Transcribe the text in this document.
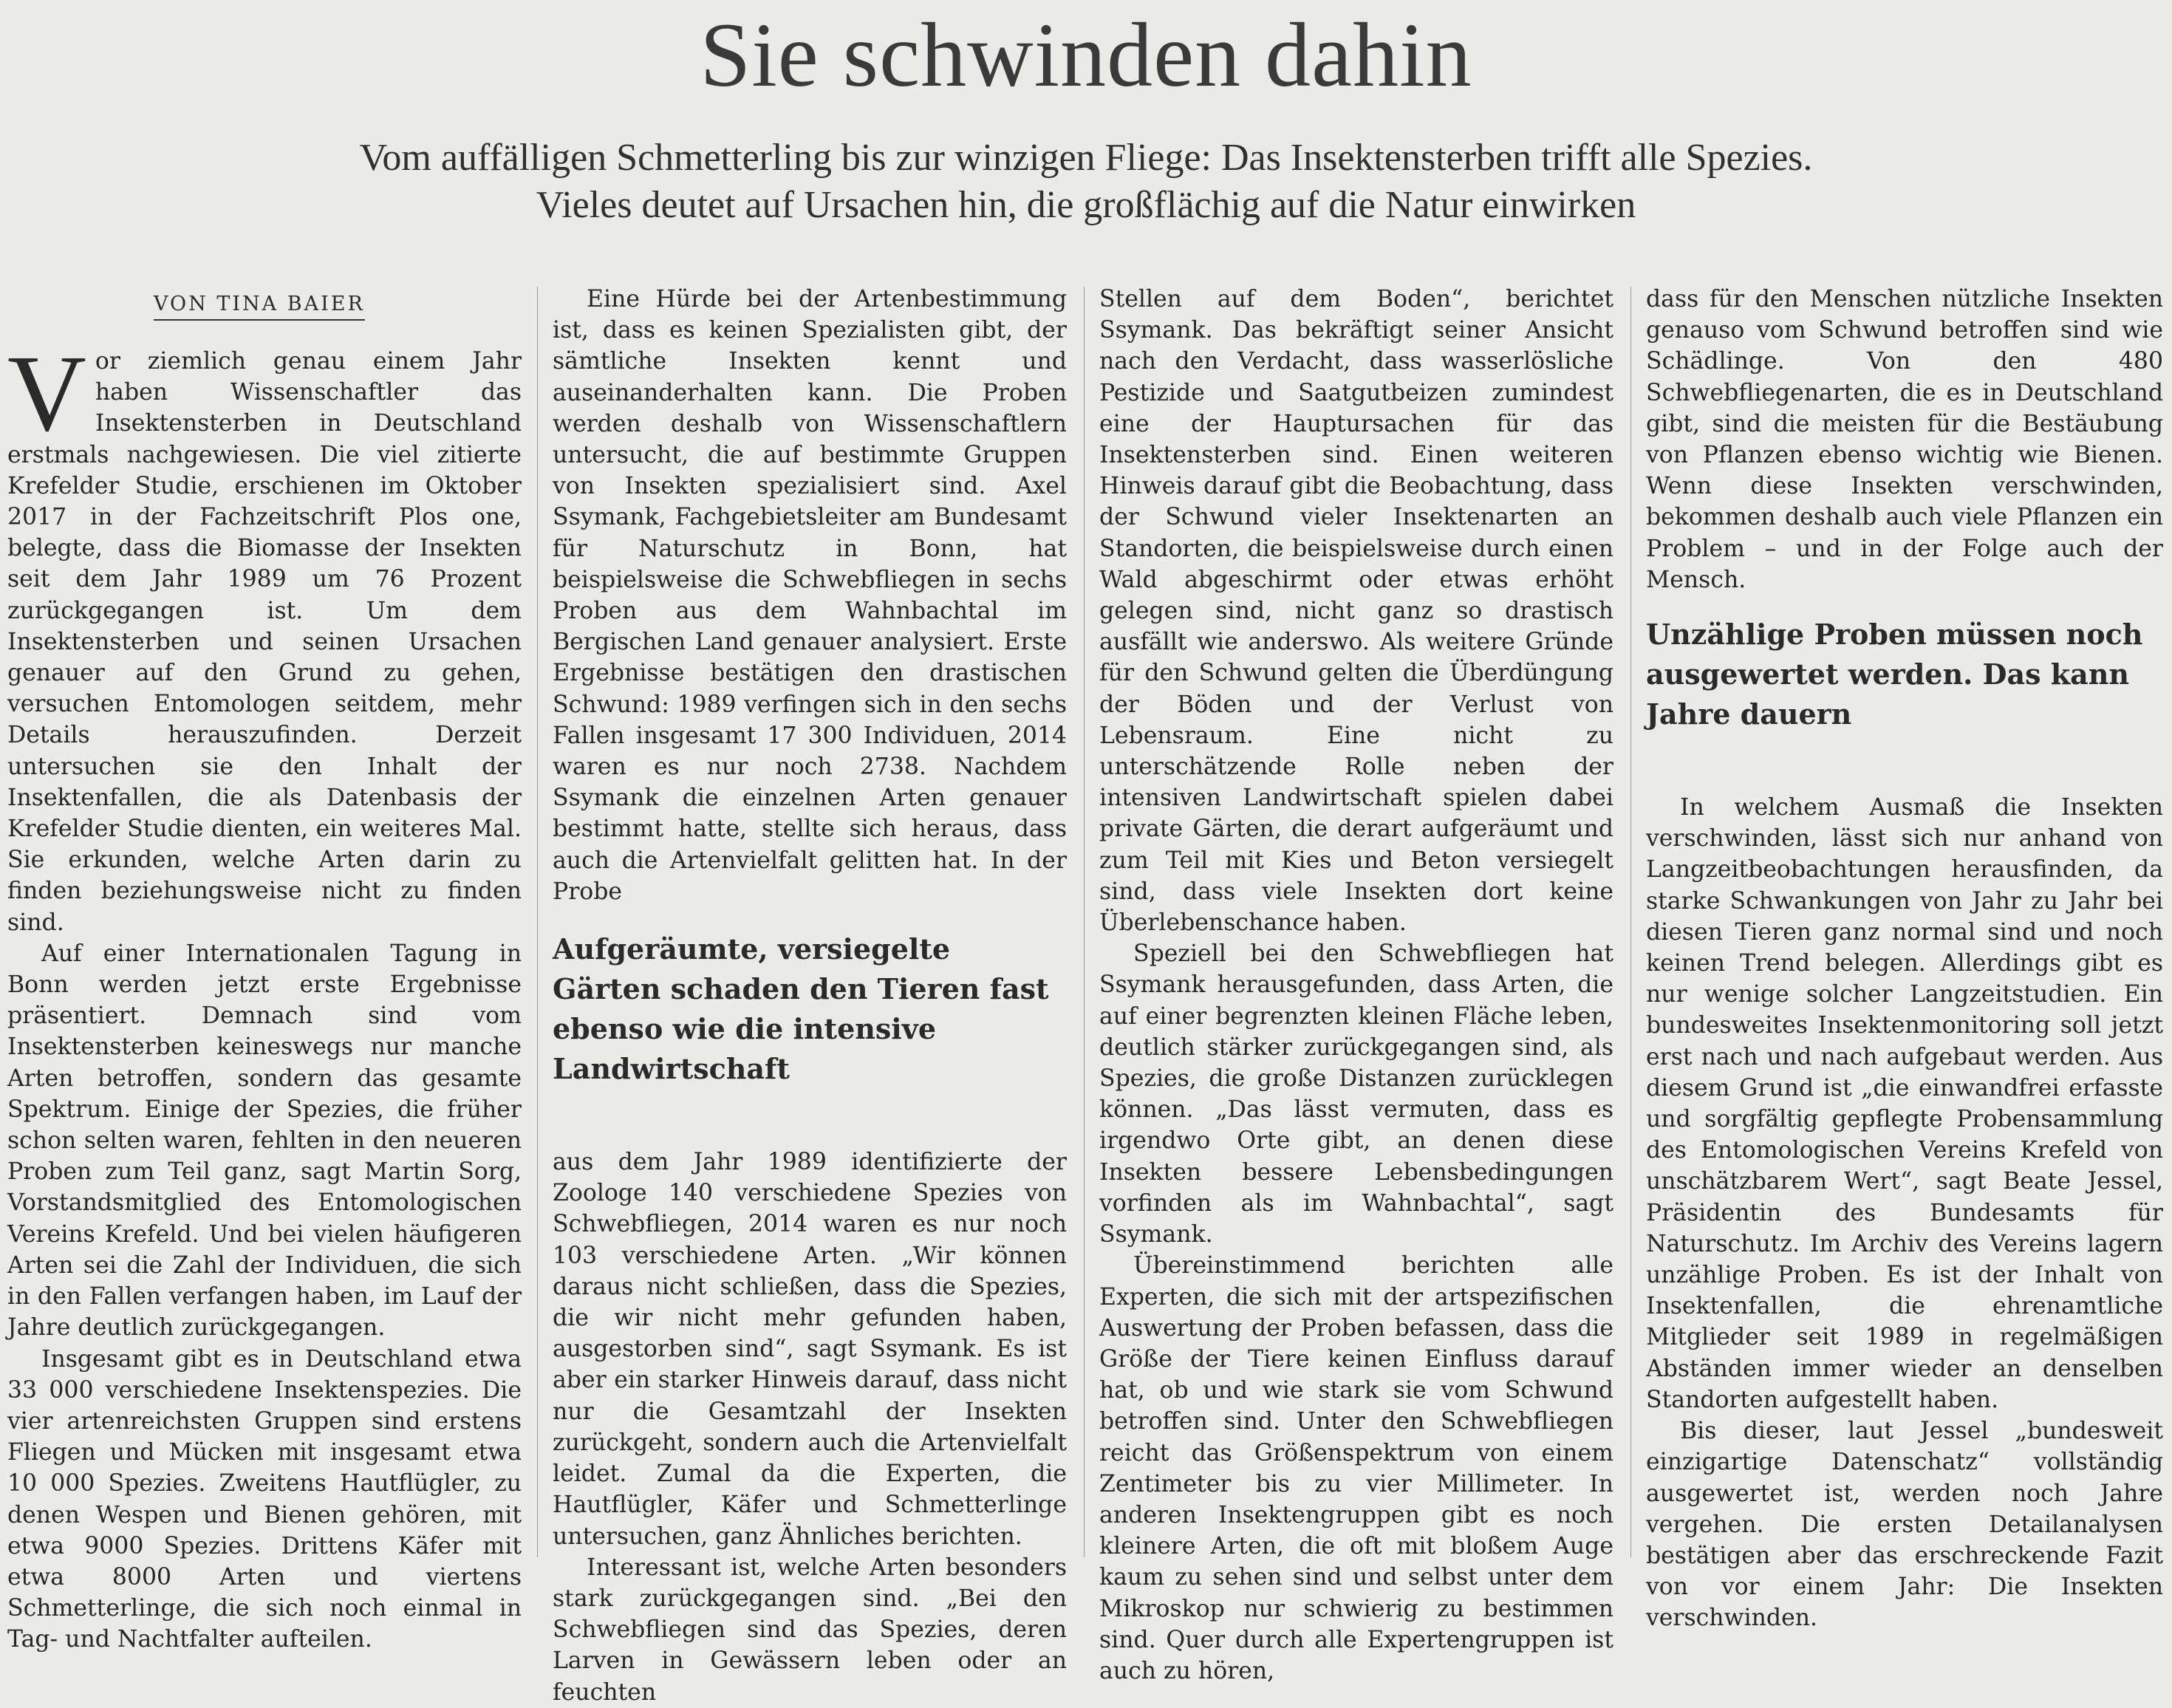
Sie schwinden dahin
Vom auffälligen Schmetterling bis zur winzigen Fliege: Das Insektensterben trifft alle Spezies.
Vieles deutet auf Ursachen hin, die großflächig auf die Natur einwirken
VON TINA BAIER

Vor ziemlich genau einem Jahr haben Wissenschaftler das Insektensterben in Deutschland erstmals nachgewiesen. Die viel zitierte Krefelder Studie, erschienen im Oktober 2017 in der Fachzeitschrift Plos one, belegte, dass die Biomasse der Insekten seit dem Jahr 1989 um 76 Prozent zurückgegangen ist. Um dem Insektensterben und seinen Ursachen genauer auf den Grund zu gehen, versuchen Entomologen seitdem, mehr Details herauszufinden. Derzeit untersuchen sie den Inhalt der Insektenfallen, die als Datenbasis der Krefelder Studie dienten, ein weiteres Mal. Sie erkunden, welche Arten darin zu finden beziehungsweise nicht zu finden sind.

Auf einer Internationalen Tagung in Bonn werden jetzt erste Ergebnisse präsentiert. Demnach sind vom Insektensterben keineswegs nur manche Arten betroffen, sondern das gesamte Spektrum. Einige der Spezies, die früher schon selten waren, fehlten in den neueren Proben zum Teil ganz, sagt Martin Sorg, Vorstandsmitglied des Entomologischen Vereins Krefeld. Und bei vielen häufigeren Arten sei die Zahl der Individuen, die sich in den Fallen verfangen haben, im Lauf der Jahre deutlich zurückgegangen.

Insgesamt gibt es in Deutschland etwa 33 000 verschiedene Insektenspezies. Die vier artenreichsten Gruppen sind erstens Fliegen und Mücken mit insgesamt etwa 10 000 Spezies. Zweitens Hautflügler, zu denen Wespen und Bienen gehören, mit etwa 9000 Spezies. Drittens Käfer mit etwa 8000 Arten und viertens Schmetterlinge, die sich noch einmal in Tag- und Nachtfalter aufteilen.

Eine Hürde bei der Artenbestimmung ist, dass es keinen Spezialisten gibt, der sämtliche Insekten kennt und auseinanderhalten kann. Die Proben werden deshalb von Wissenschaftlern untersucht, die auf bestimmte Gruppen von Insekten spezialisiert sind. Axel Ssymank, Fachgebietsleiter am Bundesamt für Naturschutz in Bonn, hat beispielsweise die Schwebfliegen in sechs Proben aus dem Wahnbachtal im Bergischen Land genauer analysiert. Erste Ergebnisse bestätigen den drastischen Schwund: 1989 verfingen sich in den sechs Fallen insgesamt 17 300 Individuen, 2014 waren es nur noch 2738. Nachdem Ssymank die einzelnen Arten genauer bestimmt hatte, stellte sich heraus, dass auch die Artenvielfalt gelitten hat. In der Probe

Aufgeräumte, versiegelte Gärten schaden den Tieren fast ebenso wie die intensive Landwirtschaft

aus dem Jahr 1989 identifizierte der Zoologe 140 verschiedene Spezies von Schwebfliegen, 2014 waren es nur noch 103 verschiedene Arten. „Wir können daraus nicht schließen, dass die Spezies, die wir nicht mehr gefunden haben, ausgestorben sind“, sagt Ssymank. Es ist aber ein starker Hinweis darauf, dass nicht nur die Gesamtzahl der Insekten zurückgeht, sondern auch die Artenvielfalt leidet. Zumal da die Experten, die Hautflügler, Käfer und Schmetterlinge untersuchen, ganz Ähnliches berichten.

Interessant ist, welche Arten besonders stark zurückgegangen sind. „Bei den Schwebfliegen sind das Spezies, deren Larven in Gewässern leben oder an feuchten

Stellen auf dem Boden“, berichtet Ssymank. Das bekräftigt seiner Ansicht nach den Verdacht, dass wasserlösliche Pestizide und Saatgutbeizen zumindest eine der Hauptursachen für das Insektensterben sind. Einen weiteren Hinweis darauf gibt die Beobachtung, dass der Schwund vieler Insektenarten an Standorten, die beispielsweise durch einen Wald abgeschirmt oder etwas erhöht gelegen sind, nicht ganz so drastisch ausfällt wie anderswo. Als weitere Gründe für den Schwund gelten die Überdüngung der Böden und der Verlust von Lebensraum. Eine nicht zu unterschätzende Rolle neben der intensiven Landwirtschaft spielen dabei private Gärten, die derart aufgeräumt und zum Teil mit Kies und Beton versiegelt sind, dass viele Insekten dort keine Überlebenschance haben.

Speziell bei den Schwebfliegen hat Ssymank herausgefunden, dass Arten, die auf einer begrenzten kleinen Fläche leben, deutlich stärker zurückgegangen sind, als Spezies, die große Distanzen zurücklegen können. „Das lässt vermuten, dass es irgendwo Orte gibt, an denen diese Insekten bessere Lebensbedingungen vorfinden als im Wahnbachtal“, sagt Ssymank.

Übereinstimmend berichten alle Experten, die sich mit der artspezifischen Auswertung der Proben befassen, dass die Größe der Tiere keinen Einfluss darauf hat, ob und wie stark sie vom Schwund betroffen sind. Unter den Schwebfliegen reicht das Größenspektrum von einem Zentimeter bis zu vier Millimeter. In anderen Insektengruppen gibt es noch kleinere Arten, die oft mit bloßem Auge kaum zu sehen sind und selbst unter dem Mikroskop nur schwierig zu bestimmen sind. Quer durch alle Expertengruppen ist auch zu hören,

dass für den Menschen nützliche Insekten genauso vom Schwund betroffen sind wie Schädlinge. Von den 480 Schwebfliegenarten, die es in Deutschland gibt, sind die meisten für die Bestäubung von Pflanzen ebenso wichtig wie Bienen. Wenn diese Insekten verschwinden, bekommen deshalb auch viele Pflanzen ein Problem – und in der Folge auch der Mensch.

Unzählige Proben müssen noch ausgewertet werden. Das kann Jahre dauern

In welchem Ausmaß die Insekten verschwinden, lässt sich nur anhand von Langzeitbeobachtungen herausfinden, da starke Schwankungen von Jahr zu Jahr bei diesen Tieren ganz normal sind und noch keinen Trend belegen. Allerdings gibt es nur wenige solcher Langzeitstudien. Ein bundesweites Insektenmonitoring soll jetzt erst nach und nach aufgebaut werden. Aus diesem Grund ist „die einwandfrei erfasste und sorgfältig gepflegte Probensammlung des Entomologischen Vereins Krefeld von unschätzbarem Wert“, sagt Beate Jessel, Präsidentin des Bundesamts für Naturschutz. Im Archiv des Vereins lagern unzählige Proben. Es ist der Inhalt von Insektenfallen, die ehrenamtliche Mitglieder seit 1989 in regelmäßigen Abständen immer wieder an denselben Standorten aufgestellt haben.

Bis dieser, laut Jessel „bundesweit einzigartige Datenschatz“ vollständig ausgewertet ist, werden noch Jahre vergehen. Die ersten Detailanalysen bestätigen aber das erschreckende Fazit von vor einem Jahr: Die Insekten verschwinden.
